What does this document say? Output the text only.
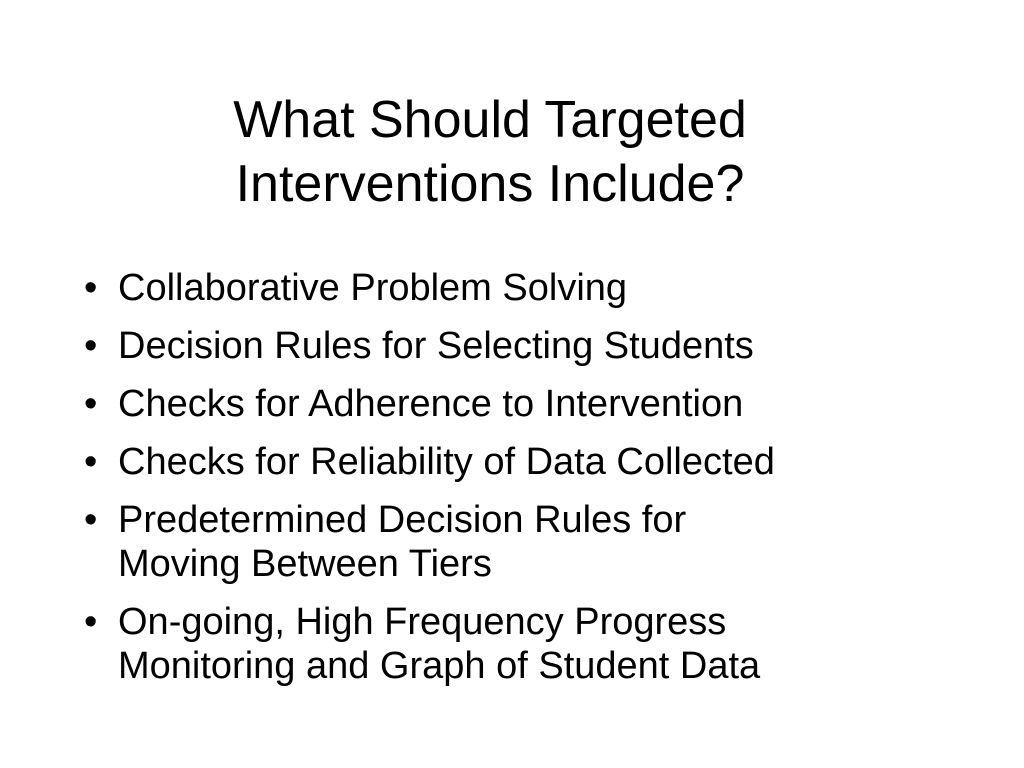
What Should Targeted
Interventions Include?
• Collaborative Problem Solving
• Decision Rules for Selecting Students
• Checks for Adherence to Intervention
• Checks for Reliability of Data Collected
• Predetermined Decision Rules for
Moving Between Tiers
• On-going, High Frequency Progress
Monitoring and Graph of Student Data
